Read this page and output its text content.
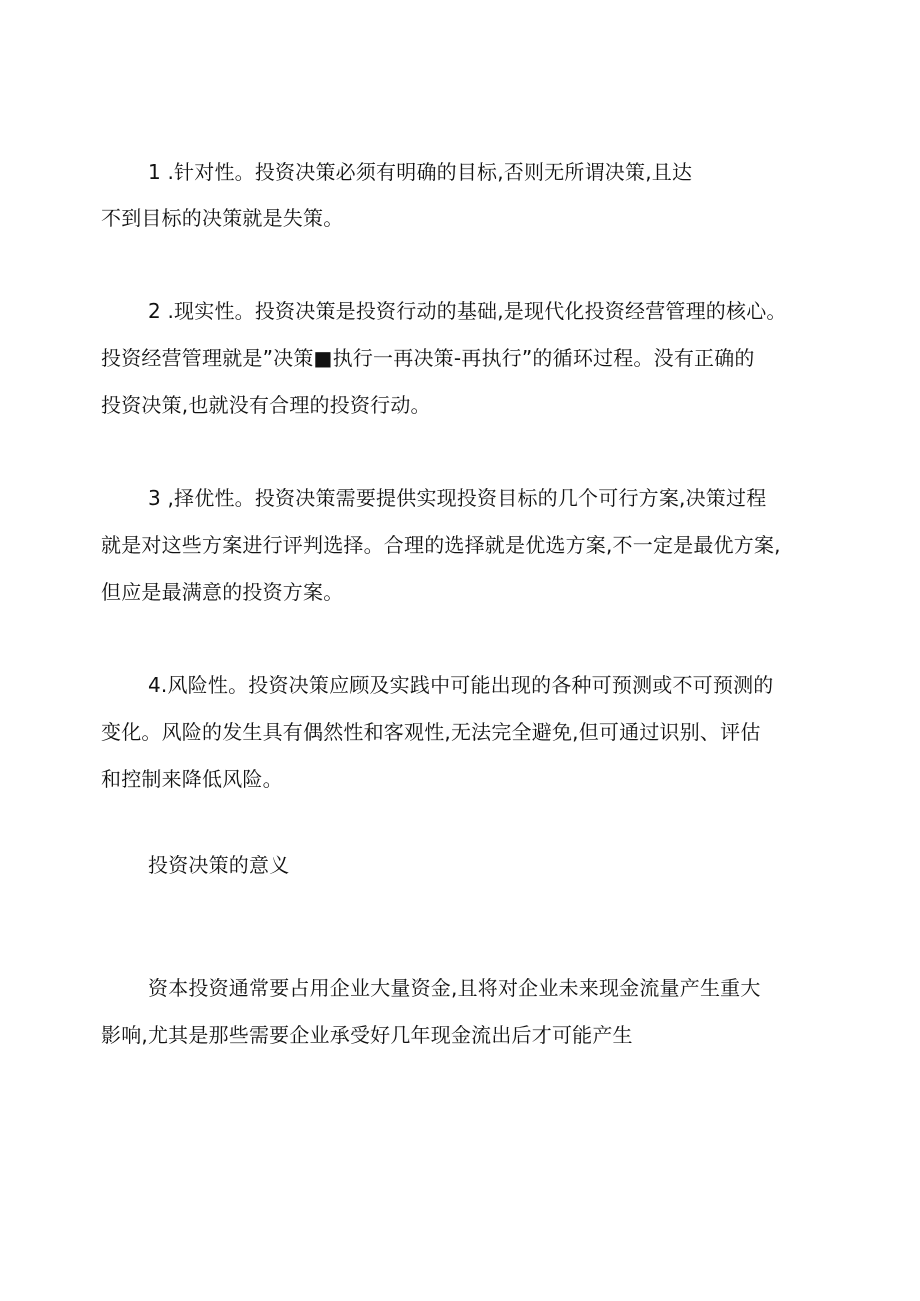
1 .针对性。投资决策必须有明确的目标,否则无所谓决策,且达
不到目标的决策就是失策。
2 .现实性。投资决策是投资行动的基础,是现代化投资经营管理的核心。
投资经营管理就是”决策■执行一再决策-再执行”的循环过程。没有正确的
投资决策,也就没有合理的投资行动。
3 ,择优性。投资决策需要提供实现投资目标的几个可行方案,决策过程
就是对这些方案进行评判选择。合理的选择就是优选方案,不一定是最优方案,
但应是最满意的投资方案。
4.风险性。投资决策应顾及实践中可能出现的各种可预测或不可预测的
变化。风险的发生具有偶然性和客观性,无法完全避免,但可通过识别、评估
和控制来降低风险。
投资决策的意义
资本投资通常要占用企业大量资金,且将对企业未来现金流量产生重大
影响,尤其是那些需要企业承受好几年现金流出后才可能产生
